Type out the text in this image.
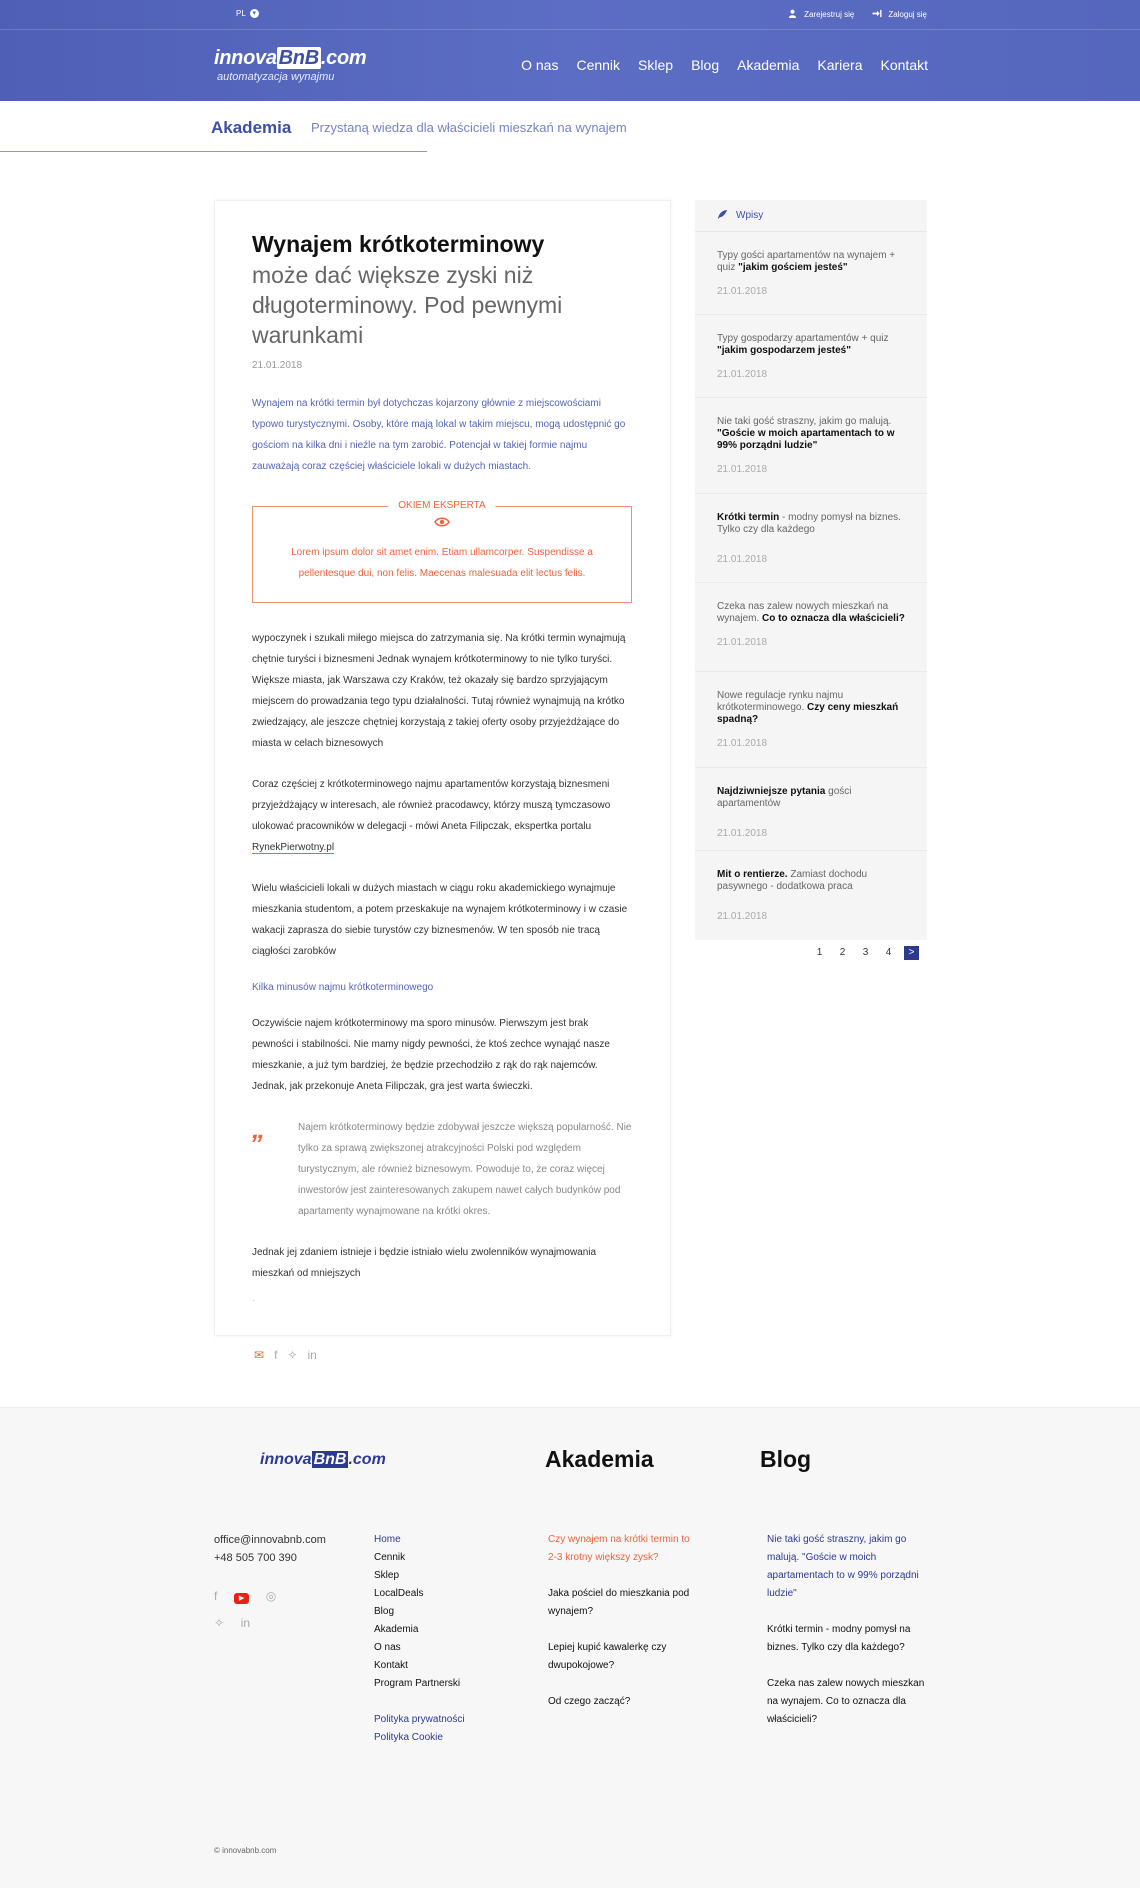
PL ▾	Zarejestruj się	Zaloguj się
innova BnB .com
automatyzacja wynajmu
O nas Cennik Sklep Blog Akademia Kariera Kontakt
Akademia Przystaną wiedza dla właścicieli mieszkań na wynajem
Wynajem krótkoterminowy
może dać większe zyski niż długoterminowy. Pod pewnymi warunkami
21.01.2018

Wynajem na krótki termin był dotychczas kojarzony głównie z miejscowościami typowo turystycznymi. Osoby, które mają lokal w takim miejscu, mogą udostępnić go gościom na kilka dni i nieźle na tym zarobić. Potencjał w takiej formie najmu zauważają coraz częściej właściciele lokali w dużych miastach.

OKIEM EKSPERTA
Lorem ipsum dolor sit amet enim. Etiam ullamcorper. Suspendisse a pellentesque dui, non felis. Maecenas malesuada elit lectus felis.

wypoczynek i szukali miłego miejsca do zatrzymania się. Na krótki termin wynajmują chętnie turyści i biznesmeni Jednak wynajem krótkoterminowy to nie tylko turyści. Większe miasta, jak Warszawa czy Kraków, też okazały się bardzo sprzyjającym miejscem do prowadzania tego typu działalności. Tutaj również wynajmują na krótko zwiedzający, ale jeszcze chętniej korzystają z takiej oferty osoby przyjeżdżające do miasta w celach biznesowych

Coraz częściej z krótkoterminowego najmu apartamentów korzystają biznesmeni przyjeżdżający w interesach, ale również pracodawcy, którzy muszą tymczasowo ulokować pracowników w delegacji - mówi Aneta Filipczak, ekspertka portalu RynekPierwotny.pl

Wielu właścicieli lokali w dużych miastach w ciągu roku akademickiego wynajmuje mieszkania studentom, a potem przeskakuje na wynajem krótkoterminowy i w czasie wakacji zaprasza do siebie turystów czy biznesmenów. W ten sposób nie tracą ciągłości zarobków

Kilka minusów najmu krótkoterminowego

Oczywiście najem krótkoterminowy ma sporo minusów. Pierwszym jest brak pewności i stabilności. Nie mamy nigdy pewności, że ktoś zechce wynająć nasze mieszkanie, a już tym bardziej, że będzie przechodziło z rąk do rąk najemców. Jednak, jak przekonuje Aneta Filipczak, gra jest warta świeczki.

„	Najem krótkoterminowy będzie zdobywał jeszcze większą popularność. Nie tylko za sprawą zwiększonej atrakcyjności Polski pod względem turystycznym, ale również biznesowym. Powoduje to, że coraz więcej inwestorów jest zainteresowanych zakupem nawet całych budynków pod apartamenty wynajmowane na krótki okres.

Jednak jej zdaniem istnieje i będzie istniało wielu zwolenników wynajmowania mieszkań od mniejszych

.

✉ f ✧ in
Wpisy
Typy gości apartamentów na wynajem + quiz "jakim gościem jesteś"
21.01.2018
Typy gospodarzy apartamentów + quiz "jakim gospodarzem jesteś"
21.01.2018
Nie taki gość straszny, jakim go malują. "Goście w moich apartamentach to w 99% porządni ludzie"
21.01.2018
Krótki termin - modny pomysł na biznes. Tylko czy dla każdego
21.01.2018
Czeka nas zalew nowych mieszkań na wynajem. Co to oznacza dla właścicieli?
21.01.2018
Nowe regulacje rynku najmu krótkoterminowego. Czy ceny mieszkań spadną?
21.01.2018
Najdziwniejsze pytania gości apartamentów
21.01.2018
Mit o rentierze. Zamiast dochodu pasywnego - dodatkowa praca
21.01.2018
1	2	3	4	>
innova BnB .com	Akademia	Blog
office@innovabnb.com
+48 505 700 390
f	▶ ◎
✧ in
Home
Cennik
Sklep
LocalDeals
Blog
Akademia
O nas
Kontakt
Program Partnerski
Polityka prywatności
Polityka Cookie
Czy wynajem na krótki termin to 2-3 krotny większy zysk?
Jaka pościel do mieszkania pod wynajem?
Lepiej kupić kawalerkę czy dwupokojowe?
Od czego zacząć?
Nie taki gość straszny, jakim go malują. "Goście w moich apartamentach to w 99% porządni ludzie"
Krótki termin - modny pomysł na biznes. Tylko czy dla każdego?
Czeka nas zalew nowych mieszkan na wynajem. Co to oznacza dla właścicieli?
© innovabnb.com
